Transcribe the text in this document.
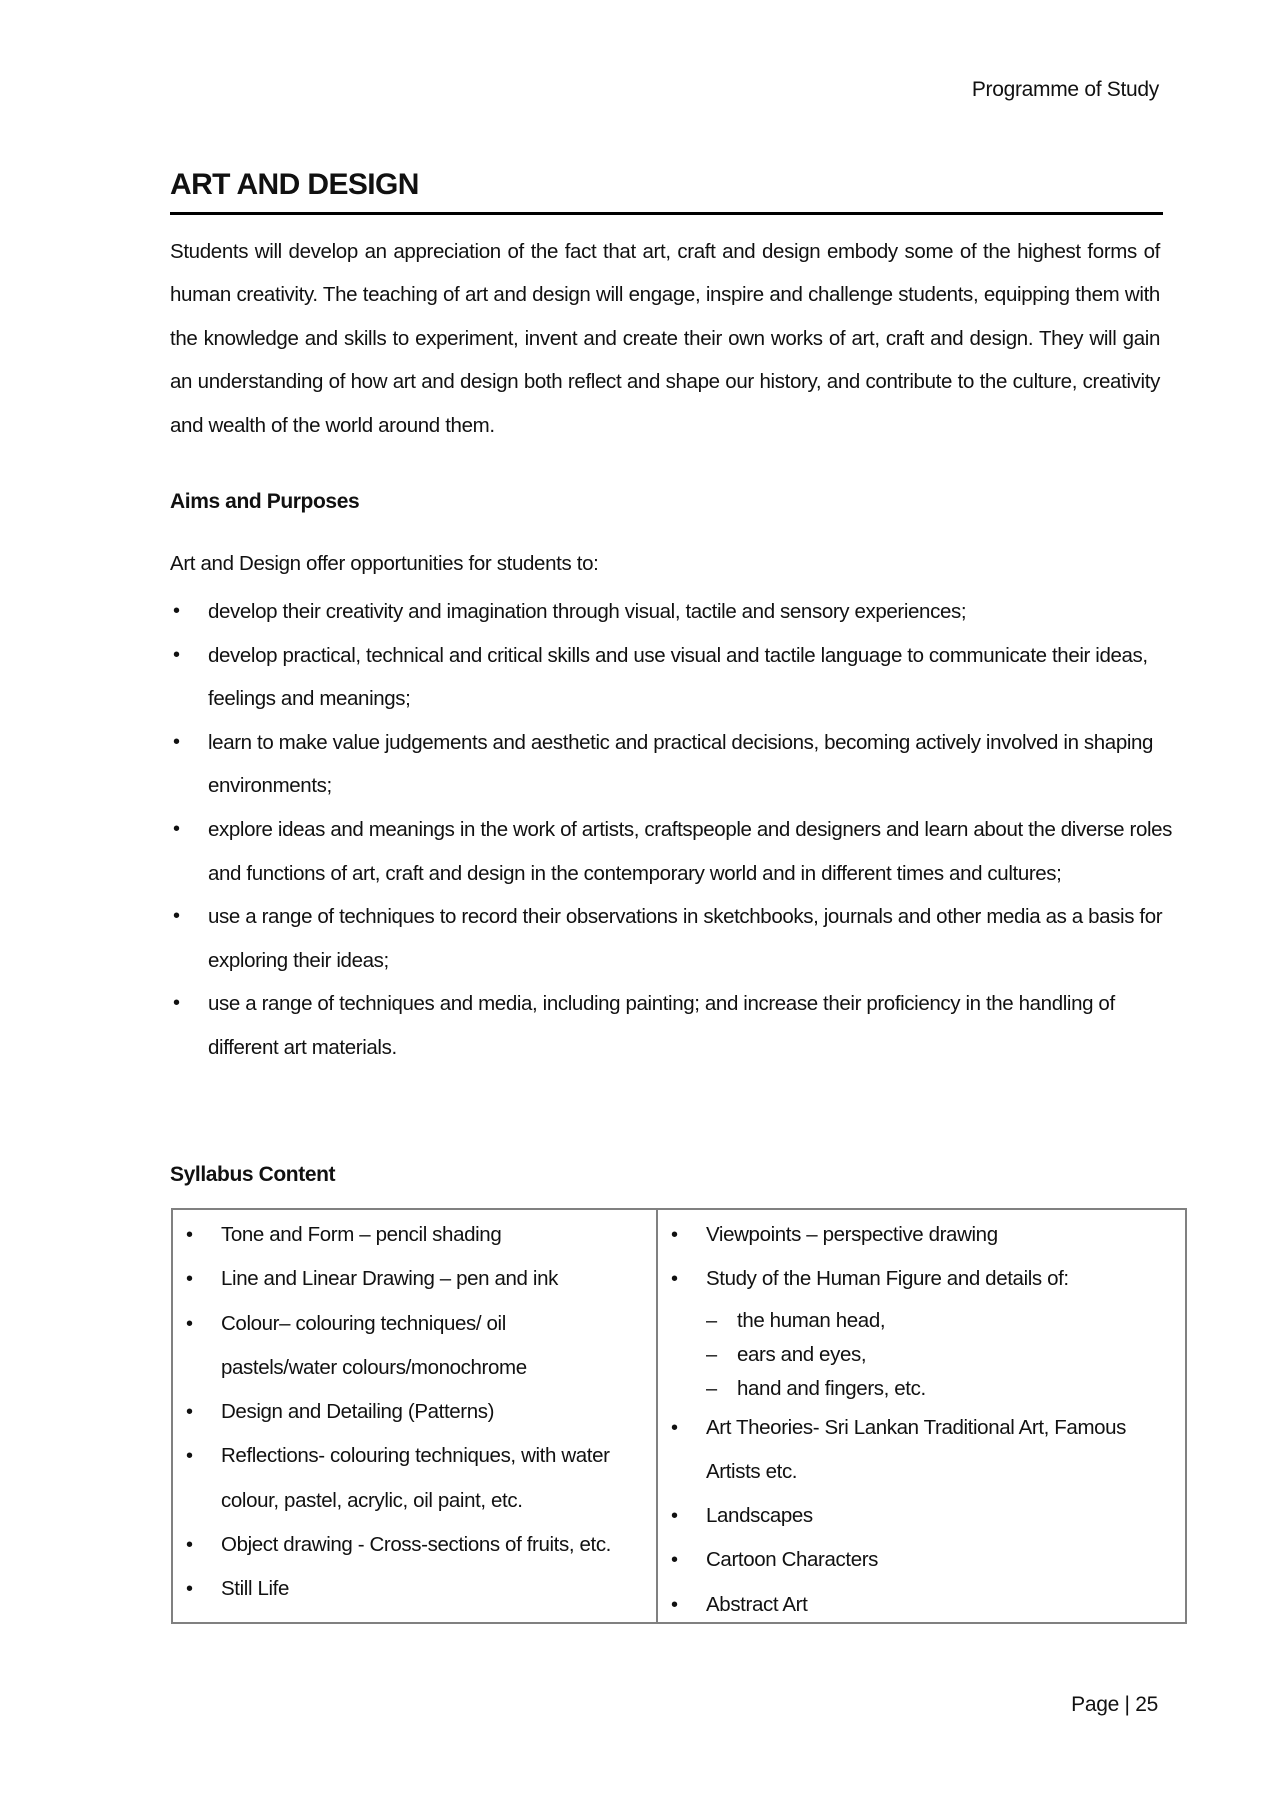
Programme of Study
ART AND DESIGN
Students will develop an appreciation of the fact that art, craft and design embody some of the highest forms of human creativity. The teaching of art and design will engage, inspire and challenge students, equipping them with the knowledge and skills to experiment, invent and create their own works of art, craft and design. They will gain an understanding of how art and design both reflect and shape our history, and contribute to the culture, creativity and wealth of the world around them.
Aims and Purposes
Art and Design offer opportunities for students to:
• develop their creativity and imagination through visual, tactile and sensory experiences;
• develop practical, technical and critical skills and use visual and tactile language to communicate their ideas, feelings and meanings;
• learn to make value judgements and aesthetic and practical decisions, becoming actively involved in shaping environments;
• explore ideas and meanings in the work of artists, craftspeople and designers and learn about the diverse roles and functions of art, craft and design in the contemporary world and in different times and cultures;
• use a range of techniques to record their observations in sketchbooks, journals and other media as a basis for exploring their ideas;
• use a range of techniques and media, including painting; and increase their proficiency in the handling of different art materials.
Syllabus Content
• Tone and Form – pencil shading
• Line and Linear Drawing – pen and ink
• Colour– colouring techniques/ oil
pastels/water colours/monochrome
• Design and Detailing (Patterns)
• Reflections- colouring techniques, with water
colour, pastel, acrylic, oil paint, etc.
• Object drawing - Cross-sections of fruits, etc.
• Still Life
• Viewpoints – perspective drawing
• Study of the Human Figure and details of:
– the human head,
– ears and eyes,
– hand and fingers, etc.
• Art Theories- Sri Lankan Traditional Art, Famous
Artists etc.
• Landscapes
• Cartoon Characters
• Abstract Art
Page | 25
